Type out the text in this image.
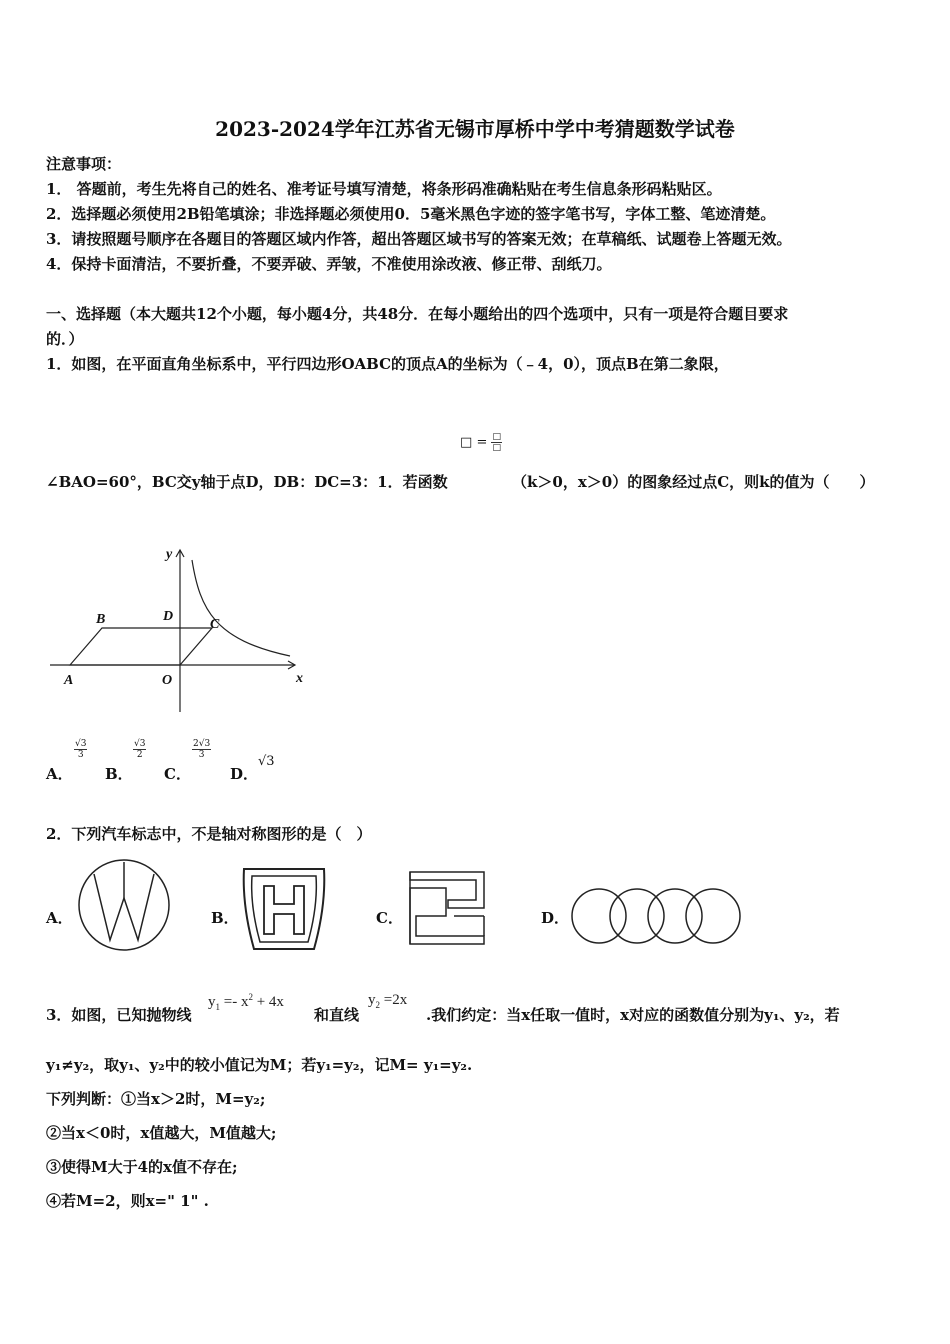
2023-2024学年江苏省无锡市厚桥中学中考猜题数学试卷
注意事项：
1． 答题前，考生先将自己的姓名、准考证号填写清楚，将条形码准确粘贴在考生信息条形码粘贴区。
2．选择题必须使用2B铅笔填涂；非选择题必须使用0．5毫米黑色字迹的签字笔书写，字体工整、笔迹清楚。
3．请按照题号顺序在各题目的答题区域内作答，超出答题区域书写的答案无效；在草稿纸、试题卷上答题无效。
4．保持卡面清洁，不要折叠，不要弄破、弄皱，不准使用涂改液、修正带、刮纸刀。
一、选择题（本大题共12个小题，每小题4分，共48分．在每小题给出的四个选项中，只有一项是符合题目要求
的．）
1．如图，在平面直角坐标系中，平行四边形OABC的顶点A的坐标为（﹣4，0），顶点B在第二象限，
□ = $\frac{□}{□}$
∠BAO=60°，BC交y轴于点D，DB：DC=3：1．若函数	（k＞0，x＞0）的图象经过点C，则k的值为（　　）
y
x
B	D
C
A	O
A．
$\frac{√3}{3}$
B．
$\frac{√3}{2}$
C．
$\frac{2√3}{3}$
D．
√3
2．下列汽车标志中，不是轴对称图形的是（　）
A．	B．	C．	D．
3．如图，已知抛物线
$y_1 =- x^2 + 4x$
和直线
$y_2 =2x$
.我们约定：当x任取一值时，x对应的函数值分别为y₁、y₂，若
y₁≠y₂，取y₁、y₂中的较小值记为M；若y₁=y₂，记M= y₁=y₂.
下列判断：①当x＞2时，M=y₂;
②当x＜0时，x值越大，M值越大;
③使得M大于4的x值不存在;
④若M=2，则x=" 1" .
